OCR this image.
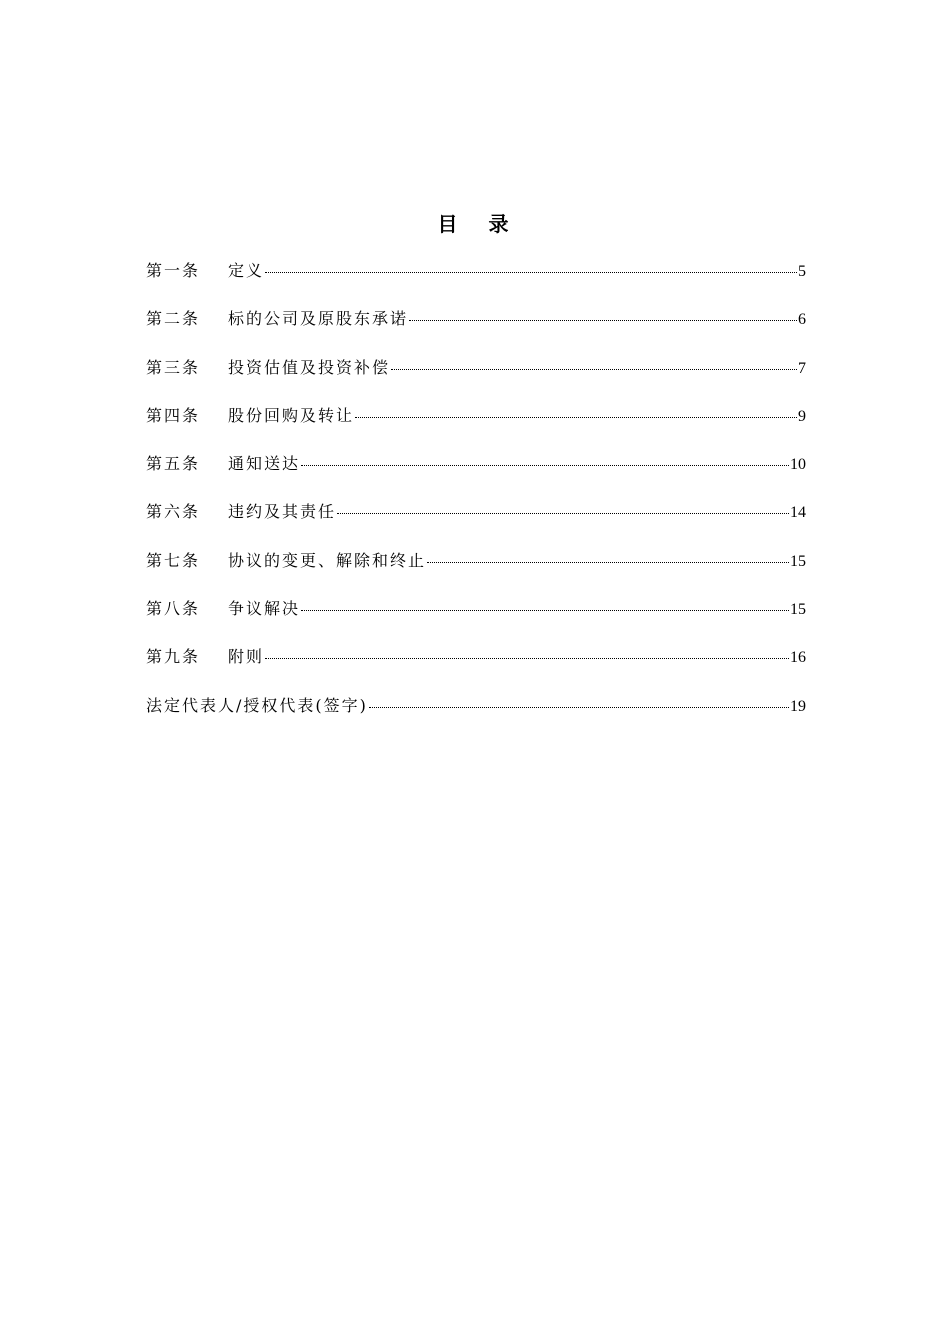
目 录
第一条	定义	5
第二条	标的公司及原股东承诺	6
第三条	投资估值及投资补偿	7
第四条	股份回购及转让	9
第五条	通知送达	10
第六条	违约及其责任	14
第七条	协议的变更、解除和终止	15
第八条	争议解决	15
第九条	附则	16
法定代表人/授权代表(签字)	19
